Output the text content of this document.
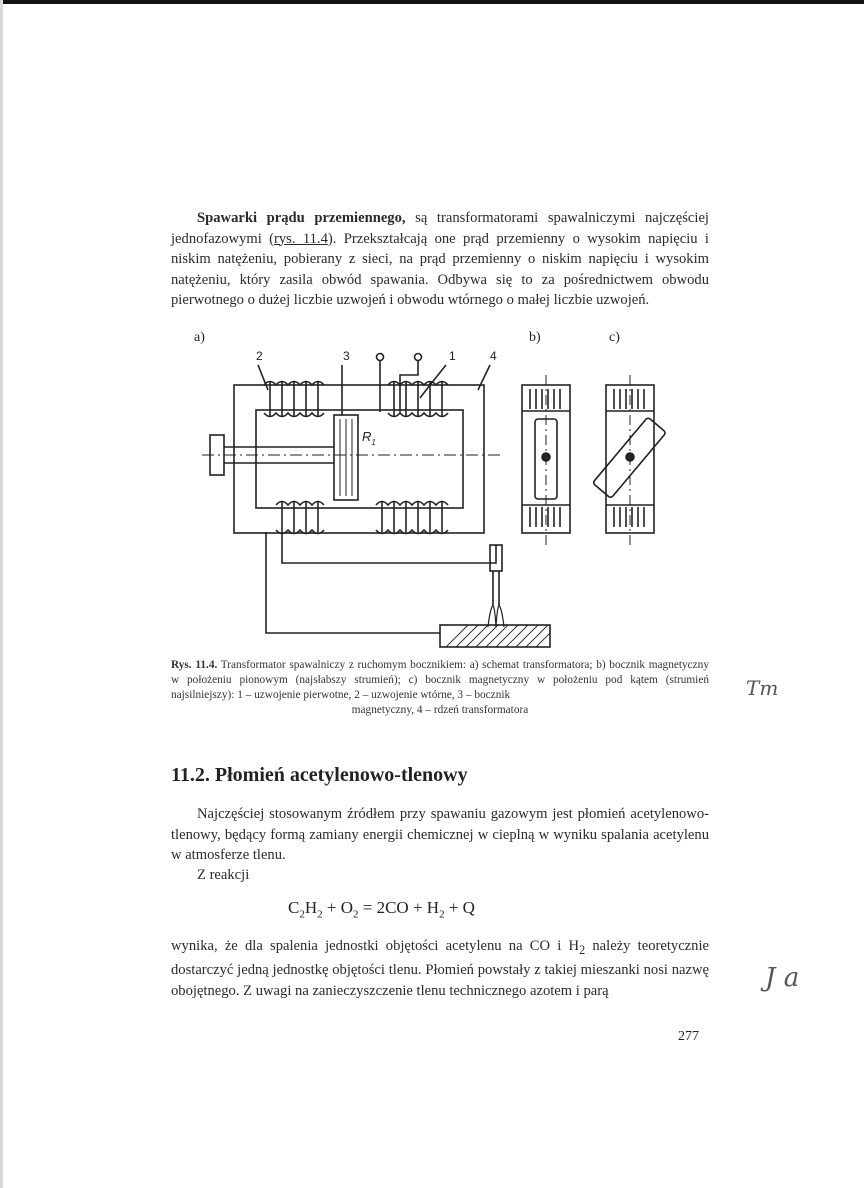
Spawarki prądu przemiennego, są transformatorami spawalniczymi najczęściej jednofazowymi (rys. 11.4). Przekształcają one prąd przemienny o wysokim napięciu i niskim natężeniu, pobierany z sieci, na prąd przemienny o niskim napięciu i wysokim natężeniu, który zasila obwód spawania. Odbywa się to za pośrednictwem obwodu pierwotnego o dużej liczbie uzwojeń i obwodu wtórnego o małej liczbie uzwojeń.

a)	b)	c)

2	3	1	4
$R_1$

Rys. 11.4. Transformator spawalniczy z ruchomym bocznikiem: a) schemat transformatora; b) bocznik magnetyczny w położeniu pionowym (najsłabszy strumień); c) bocznik magnetyczny w położeniu pod kątem (strumień najsilniejszy): 1 – uzwojenie pierwotne, 2 – uzwojenie wtórne, 3 – bocznik
magnetyczny, 4 – rdzeń transformatora

11.2. Płomień acetylenowo-tlenowy

Najczęściej stosowanym źródłem przy spawaniu gazowym jest płomień acetylenowo-tlenowy, będący formą zamiany energii chemicznej w cieplną w wyniku spalania acetylenu w atmosferze tlenu.

Z reakcji

$C_2H_2 + O_2 = 2CO + H_2 + Q$

wynika, że dla spalenia jednostki objętości acetylenu na CO i $H_2$ należy teoretycznie dostarczyć jedną jednostkę objętości tlenu. Płomień powstały z takiej mieszanki nosi nazwę obojętnego. Z uwagi na zanieczyszczenie tlenu technicznego azotem i parą

277

Tm

J a
